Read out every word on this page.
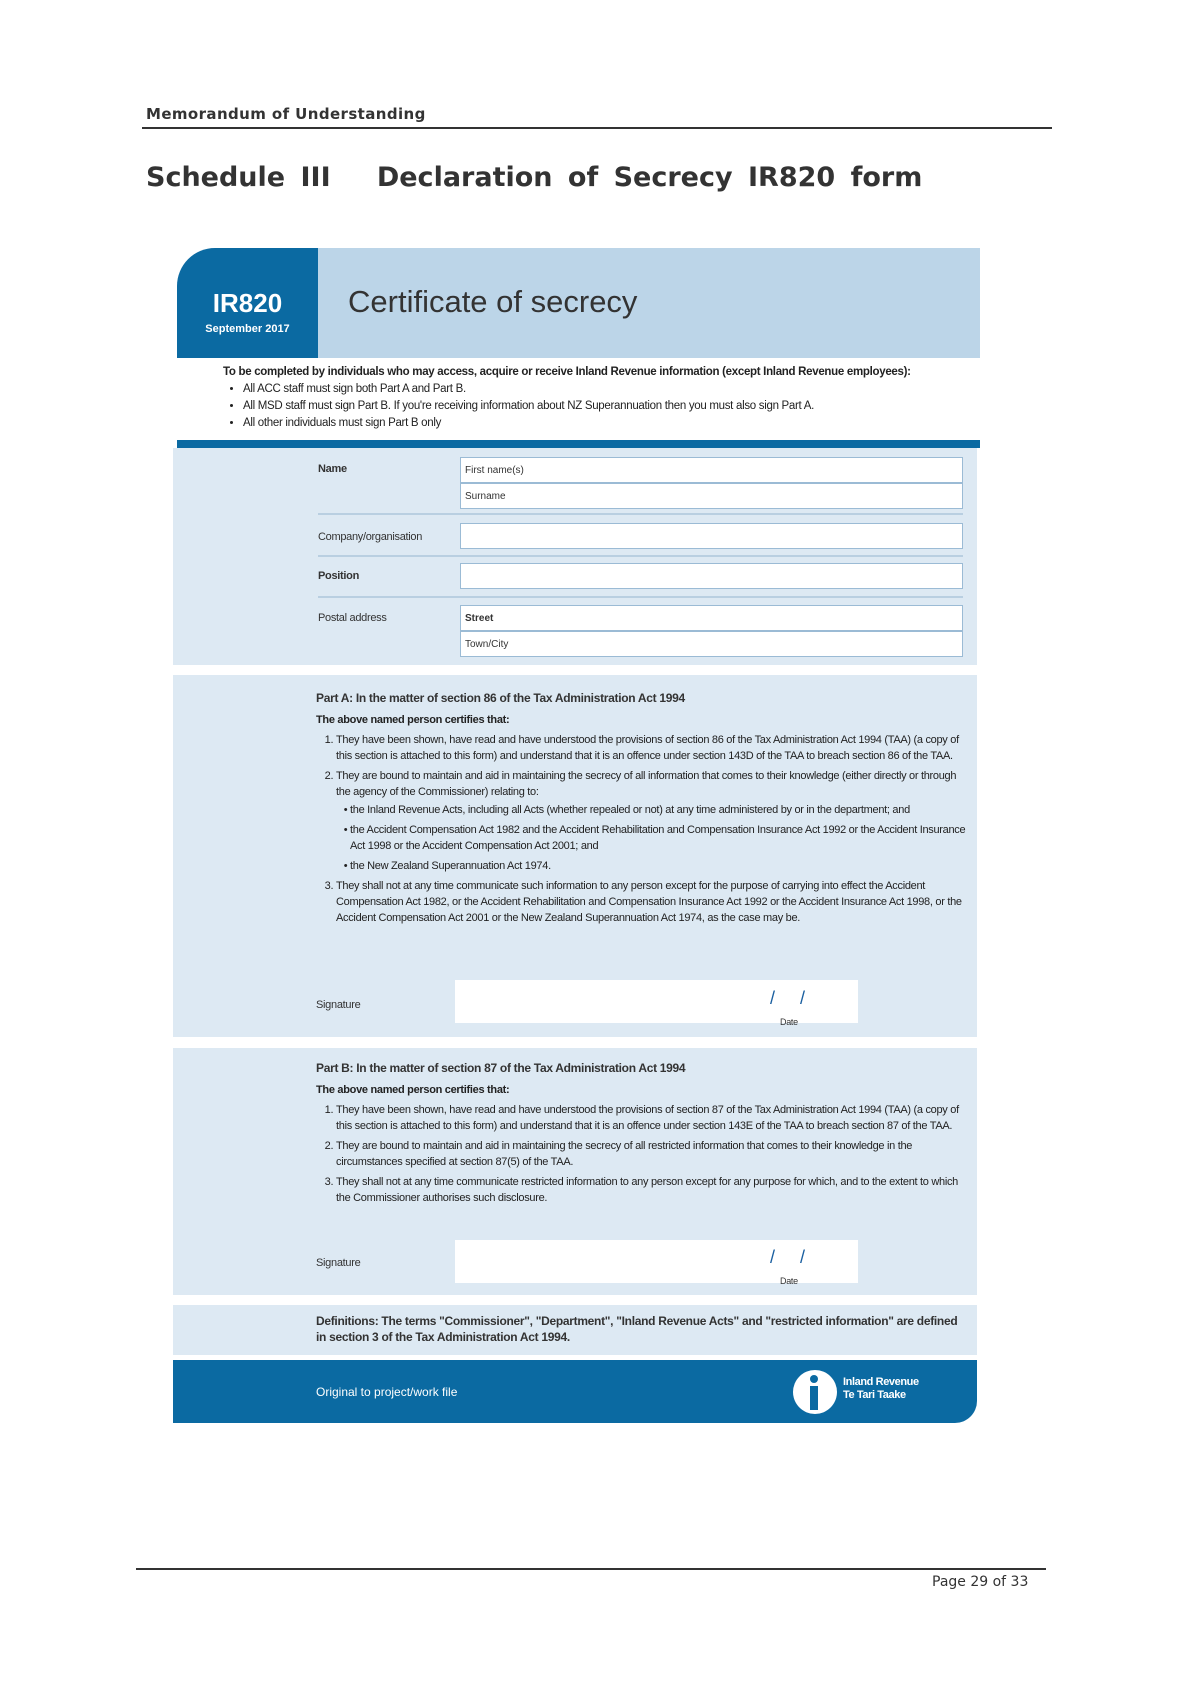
Memorandum of Understanding
Schedule III   Declaration of Secrecy IR820 form
IR820
September 2017
Certificate of secrecy
To be completed by individuals who may access, acquire or receive Inland Revenue information (except Inland Revenue employees):
• All ACC staff must sign both Part A and Part B.
• All MSD staff must sign Part B. If you're receiving information about NZ Superannuation then you must also sign Part A.
• All other individuals must sign Part B only
Name	First name(s)
Surname
Company/organisation
Position
Postal address	Street
Town/City
Part A: In the matter of section 86 of the Tax Administration Act 1994
The above named person certifies that:
1. They have been shown, have read and have understood the provisions of section 86 of the Tax Administration Act 1994 (TAA) (a copy of this section is attached to this form) and understand that it is an offence under section 143D of the TAA to breach section 86 of the TAA.
2. They are bound to maintain and aid in maintaining the secrecy of all information that comes to their knowledge (either directly or through the agency of the Commissioner) relating to:
• the Inland Revenue Acts, including all Acts (whether repealed or not) at any time administered by or in the department; and
• the Accident Compensation Act 1982 and the Accident Rehabilitation and Compensation Insurance Act 1992 or the Accident Insurance Act 1998 or the Accident Compensation Act 2001; and
• the New Zealand Superannuation Act 1974.
3. They shall not at any time communicate such information to any person except for the purpose of carrying into effect the Accident Compensation Act 1982, or the Accident Rehabilitation and Compensation Insurance Act 1992 or the Accident Insurance Act 1998, or the Accident Compensation Act 2001 or the New Zealand Superannuation Act 1974, as the case may be.
Signature	/     /
Date
Part B: In the matter of section 87 of the Tax Administration Act 1994
The above named person certifies that:
1. They have been shown, have read and have understood the provisions of section 87 of the Tax Administration Act 1994 (TAA) (a copy of this section is attached to this form) and understand that it is an offence under section 143E of the TAA to breach section 87 of the TAA.
2. They are bound to maintain and aid in maintaining the secrecy of all restricted information that comes to their knowledge in the circumstances specified at section 87(5) of the TAA.
3. They shall not at any time communicate restricted information to any person except for any purpose for which, and to the extent to which the Commissioner authorises such disclosure.
Signature	/     /
Date
Definitions: The terms "Commissioner", "Department", "Inland Revenue Acts" and "restricted information" are defined in section 3 of the Tax Administration Act 1994.
Original to project/work file
Inland Revenue
Te Tari Taake
Page 29 of 33
